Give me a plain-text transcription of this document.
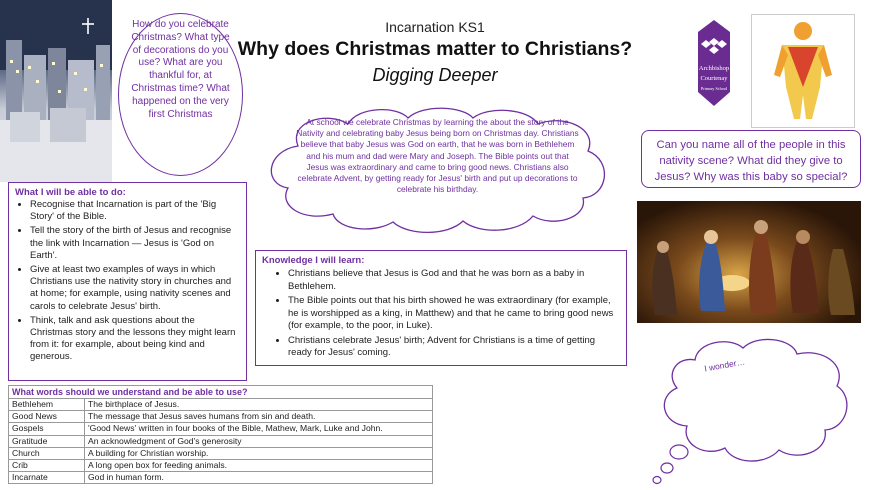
How do you celebrate Christmas? What type of decorations do you use? What are you thankful for, at Christmas time? What happened on the very first Christmas
Incarnation KS1
Why does Christmas matter to Christians?
Digging Deeper	Archbishop
Courtenay
Primary School
At school we celebrate Christmas by learning the about the story of the Nativity and celebrating baby Jesus being born on Christmas day. Christians believe that baby Jesus was God on earth, that he was born in Bethlehem and his mum and dad were Mary and Joseph. The Bible points out that Jesus was extraordinary and came to bring good news. Christians also celebrate Advent, by getting ready for Jesus' birth and put up decorations to celebrate his birthday.
Can you name all of the people in this nativity scene? What did they give to Jesus? Why was this baby so special?
What I will be able to do:
• Recognise that Incarnation is part of the 'Big Story' of the Bible.
• Tell the story of the birth of Jesus and recognise the link with Incarnation — Jesus is 'God on Earth'.
• Give at least two examples of ways in which Christians use the nativity story in churches and at home; for example, using nativity scenes and carols to celebrate Jesus' birth.
• Think, talk and ask questions about the Christmas story and the lessons they might learn from it: for example, about being kind and generous.
Knowledge I will learn:
• Christians believe that Jesus is God and that he was born as a baby in Bethlehem.
• The Bible points out that his birth showed he was extraordinary (for example, he is worshipped as a king, in Matthew) and that he came to bring good news (for example, to the poor, in Luke).
• Christians celebrate Jesus' birth; Advent for Christians is a time of getting ready for Jesus' coming.
What words should we understand and be able to use?
Bethlehem	The birthplace of Jesus.
Good News	The message that Jesus saves humans from sin and death.
Gospels	'Good News' written in four books of the Bible, Mathew, Mark, Luke and John.
Gratitude	An acknowledgment of God's generosity
Church	A building for Christian worship.
Crib	A long open box for feeding animals.
Incarnate	God in human form.
I wonder…
